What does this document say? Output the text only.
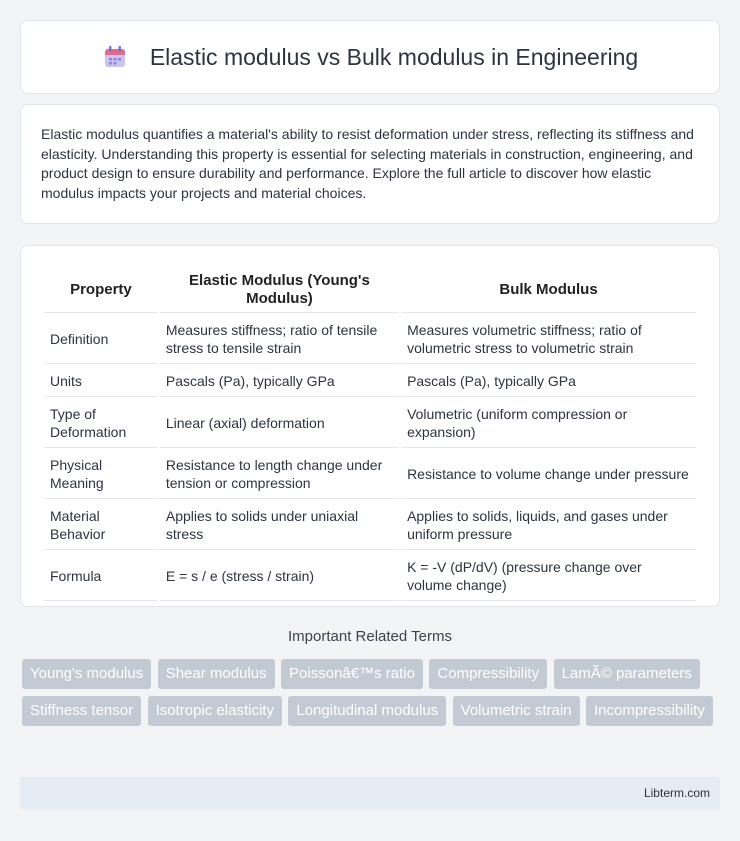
Elastic modulus vs Bulk modulus in Engineering

Elastic modulus quantifies a material's ability to resist deformation under stress, reflecting its stiffness and elasticity. Understanding this property is essential for selecting materials in construction, engineering, and product design to ensure durability and performance. Explore the full article to discover how elastic modulus impacts your projects and material choices.

Property	Elastic Modulus (Young's Modulus)	Bulk Modulus
Definition	Measures stiffness; ratio of tensile stress to tensile strain	Measures volumetric stiffness; ratio of volumetric stress to volumetric strain
Units	Pascals (Pa), typically GPa	Pascals (Pa), typically GPa
Type of Deformation	Linear (axial) deformation	Volumetric (uniform compression or expansion)
Physical Meaning	Resistance to length change under tension or compression	Resistance to volume change under pressure
Material Behavior	Applies to solids under uniaxial stress	Applies to solids, liquids, and gases under uniform pressure
Formula	E = s / e (stress / strain)	K = -V (dP/dV) (pressure change over volume change)
Important Related Terms
Young's modulus Shear modulus Poissonâ€™s ratio Compressibility LamÃ© parameters Stiffness tensor Isotropic elasticity Longitudinal modulus Volumetric strain Incompressibility
Libterm.com
